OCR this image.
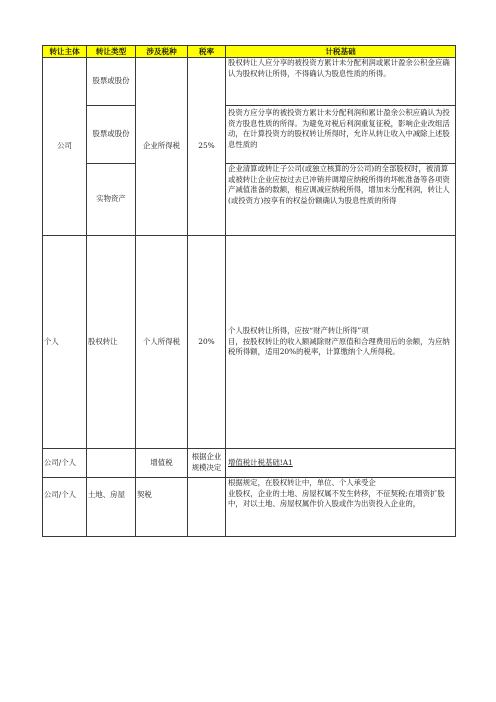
转让主体	转让类型	涉及税种	税率	计税基础
公司	股票或股份	企业所得税	25%	股权转让人应分享的被投资方累计未分配利润或累计盈余公积金应确认为股权转让所得，不得确认为股息性质的所得。

	股票或股份			投资方应分享的被投资方累计未分配利润和累计盈余公积应确认为投资方股息性质的所得。为避免对税后利润重复征税，影响企业改组活动，在计算投资方的股权转让所得时，允许从转让收入中减除上述股息性质的

	实物资产			企业清算或转让子公司(或独立核算的分公司)的全部股权时，被清算或被转让企业应按过去已冲销并调增应纳税所得的坏帐准备等各项资产减值准备的数额，相应调减应纳税所得，增加未分配利润，转让人(或投资方)按享有的权益份额确认为股息性质的所得

个人	股权转让	个人所得税	20%	个人股权转让所得，应按“财产转让所得”项
目，按股权转让的收入额减除财产原值和合理费用后的余额，为应纳税所得额，适用20%的税率，计算缴纳个人所得税。

公司/个人		增值税	根据企业规模决定	增值税计税基础!A1
公司/个人	土地、房屋	契税		根据规定，在股权转让中，单位、个人承受企
业股权，企业的土地、房屋权属不发生转移，不征契税;在增资扩股中，对以土地、房屋权属作价入股或作为出资投入企业的，
